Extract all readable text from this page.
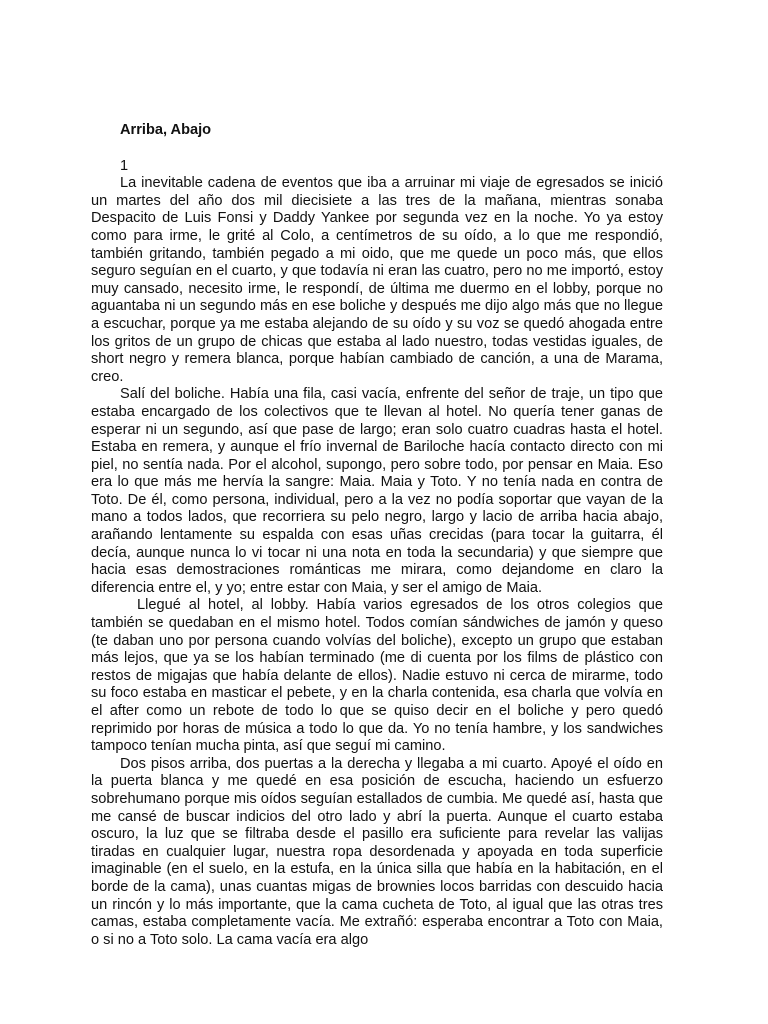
Arriba, Abajo
1

La inevitable cadena de eventos que iba a arruinar mi viaje de egresados se inició un martes del año dos mil diecisiete a las tres de la mañana, mientras sonaba Despacito de Luis Fonsi y Daddy Yankee por segunda vez en la noche. Yo ya estoy como para irme, le grité al Colo, a centímetros de su oído, a lo que me respondió, también gritando, también pegado a mi oido, que me quede un poco más, que ellos seguro seguían en el cuarto, y que todavía ni eran las cuatro, pero no me importó, estoy muy cansado, necesito irme, le respondí, de última me duermo en el lobby, porque no aguantaba ni un segundo más en ese boliche y después me dijo algo más que no llegue a escuchar, porque ya me estaba alejando de su oído y su voz se quedó ahogada entre los gritos de un grupo de chicas que estaba al lado nuestro, todas vestidas iguales, de short negro y remera blanca, porque habían cambiado de canción, a una de Marama, creo.

Salí del boliche. Había una fila, casi vacía, enfrente del señor de traje, un tipo que estaba encargado de los colectivos que te llevan al hotel. No quería tener ganas de esperar ni un segundo, así que pase de largo; eran solo cuatro cuadras hasta el hotel. Estaba en remera, y aunque el frío invernal de Bariloche hacía contacto directo con mi piel, no sentía nada. Por el alcohol, supongo, pero sobre todo, por pensar en Maia. Eso era lo que más me hervía la sangre: Maia. Maia y Toto. Y no tenía nada en contra de Toto. De él, como persona, individual, pero a la vez no podía soportar que vayan de la mano a todos lados, que recorriera su pelo negro, largo y lacio de arriba hacia abajo, arañando lentamente su espalda con esas uñas crecidas (para tocar la guitarra, él decía, aunque nunca lo vi tocar ni una nota en toda la secundaria) y que siempre que hacia esas demostraciones románticas me mirara, como dejandome en claro la diferencia entre el, y yo; entre estar con Maia, y ser el amigo de Maia.

Llegué al hotel, al lobby. Había varios egresados de los otros colegios que también se quedaban en el mismo hotel. Todos comían sándwiches de jamón y queso (te daban uno por persona cuando volvías del boliche), excepto un grupo que estaban más lejos, que ya se los habían terminado (me di cuenta por los films de plástico con restos de migajas que había delante de ellos). Nadie estuvo ni cerca de mirarme, todo su foco estaba en masticar el pebete, y en la charla contenida, esa charla que volvía en el after como un rebote de todo lo que se quiso decir en el boliche y pero quedó reprimido por horas de música a todo lo que da. Yo no tenía hambre, y los sandwiches tampoco tenían mucha pinta, así que seguí mi camino.

Dos pisos arriba, dos puertas a la derecha y llegaba a mi cuarto. Apoyé el oído en la puerta blanca y me quedé en esa posición de escucha, haciendo un esfuerzo sobrehumano porque mis oídos seguían estallados de cumbia. Me quedé así, hasta que me cansé de buscar indicios del otro lado y abrí la puerta. Aunque el cuarto estaba oscuro, la luz que se filtraba desde el pasillo era suficiente para revelar las valijas tiradas en cualquier lugar, nuestra ropa desordenada y apoyada en toda superficie imaginable (en el suelo, en la estufa, en la única silla que había en la habitación, en el borde de la cama), unas cuantas migas de brownies locos barridas con descuido hacia un rincón y lo más importante, que la cama cucheta de Toto, al igual que las otras tres camas, estaba completamente vacía. Me extrañó: esperaba encontrar a Toto con Maia, o si no a Toto solo. La cama vacía era algo
